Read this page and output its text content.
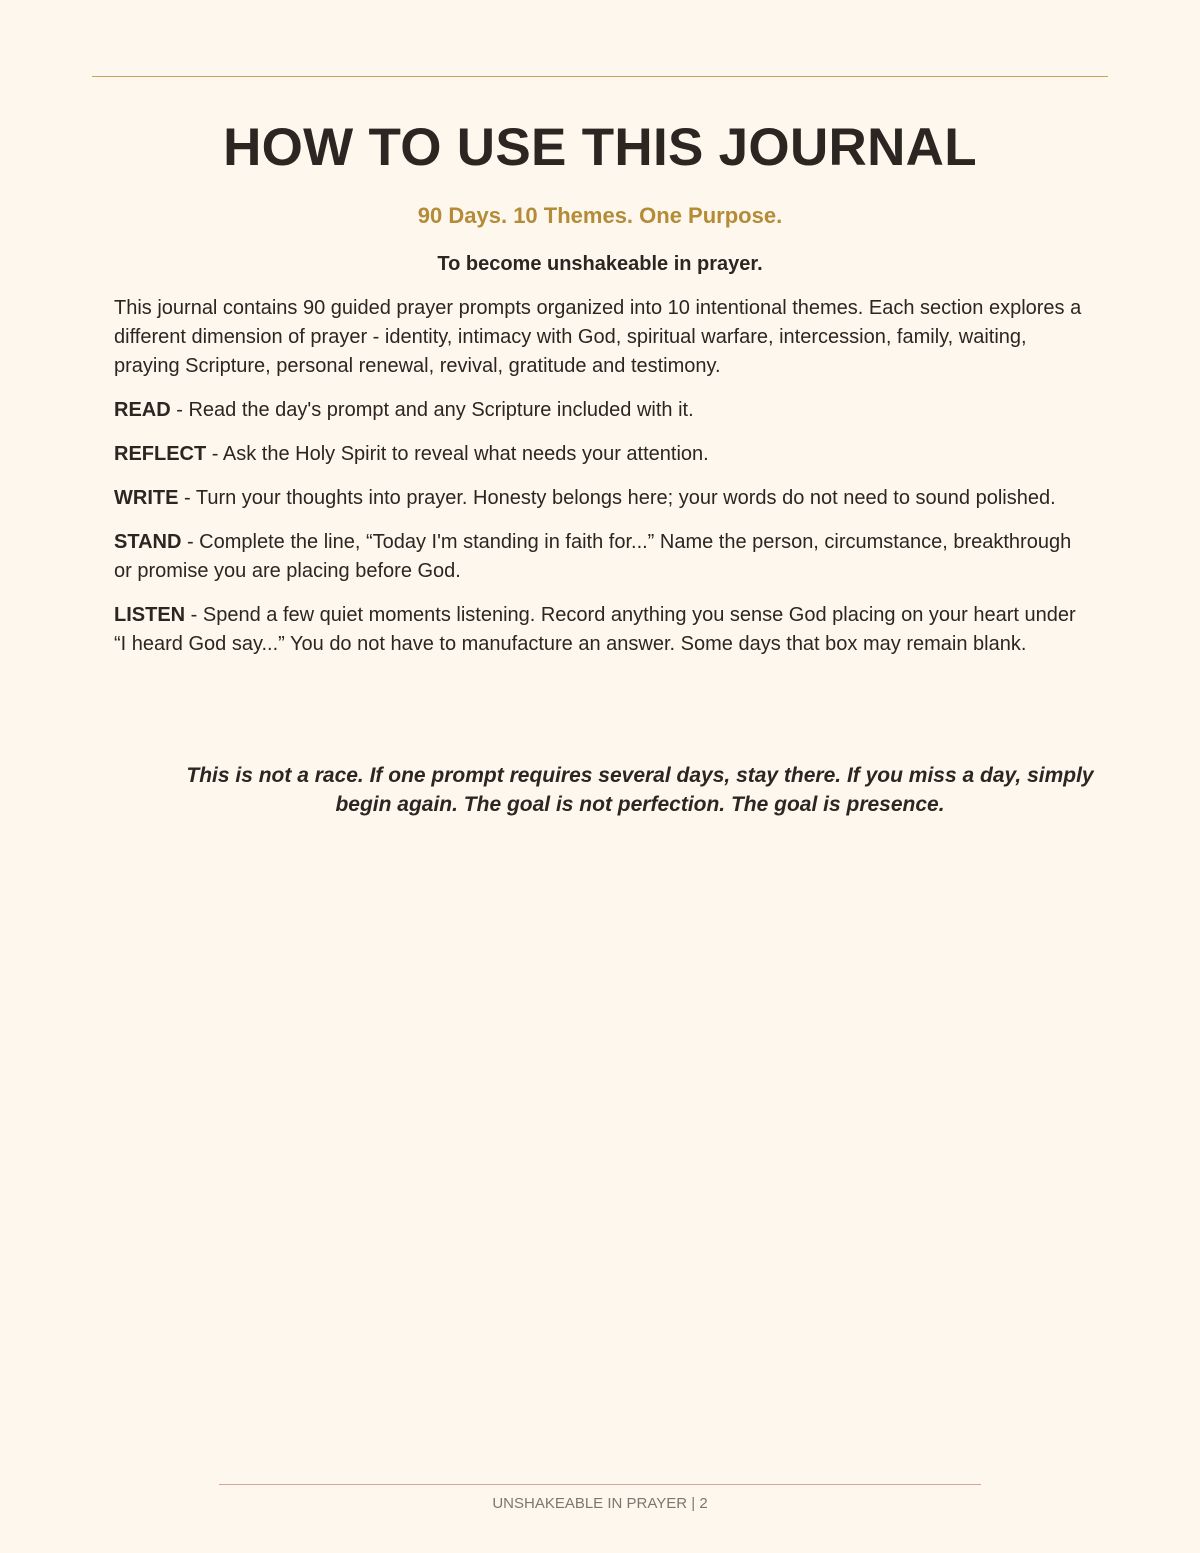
HOW TO USE THIS JOURNAL
90 Days. 10 Themes. One Purpose.
To become unshakeable in prayer.

This journal contains 90 guided prayer prompts organized into 10 intentional themes. Each section explores a different dimension of prayer - identity, intimacy with God, spiritual warfare, intercession, family, waiting, praying Scripture, personal renewal, revival, gratitude and testimony.

READ - Read the day's prompt and any Scripture included with it.

REFLECT - Ask the Holy Spirit to reveal what needs your attention.

WRITE - Turn your thoughts into prayer. Honesty belongs here; your words do not need to sound polished.

STAND - Complete the line, “Today I'm standing in faith for...” Name the person, circumstance, breakthrough or promise you are placing before God.

LISTEN - Spend a few quiet moments listening. Record anything you sense God placing on your heart under “I heard God say...” You do not have to manufacture an answer. Some days that box may remain blank.

This is not a race. If one prompt requires several days, stay there. If you miss a day, simply begin again. The goal is not perfection. The goal is presence.

UNSHAKEABLE IN PRAYER | 2
